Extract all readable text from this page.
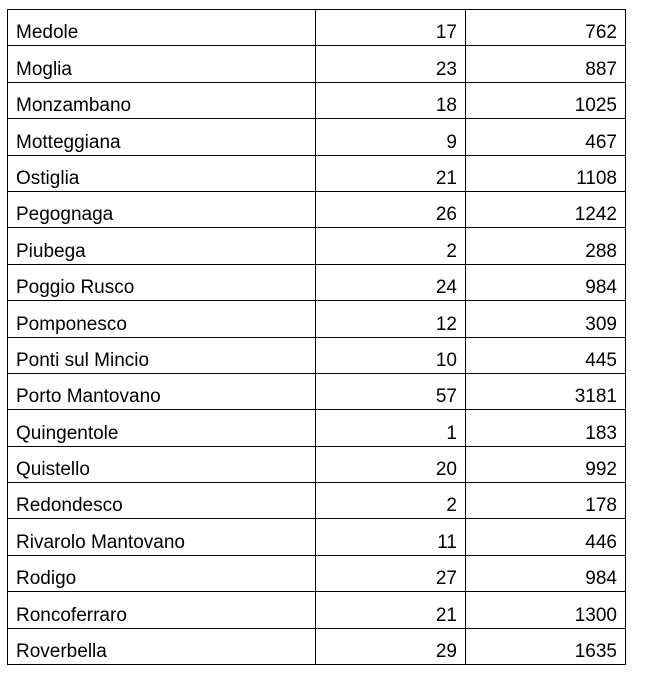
Medole	17	762
Moglia	23	887
Monzambano	18	1025
Motteggiana	9	467
Ostiglia	21	1108
Pegognaga	26	1242
Piubega	2	288
Poggio Rusco	24	984
Pomponesco	12	309
Ponti sul Mincio	10	445
Porto Mantovano	57	3181
Quingentole	1	183
Quistello	20	992
Redondesco	2	178
Rivarolo Mantovano	11	446
Rodigo	27	984
Roncoferraro	21	1300
Roverbella	29	1635
